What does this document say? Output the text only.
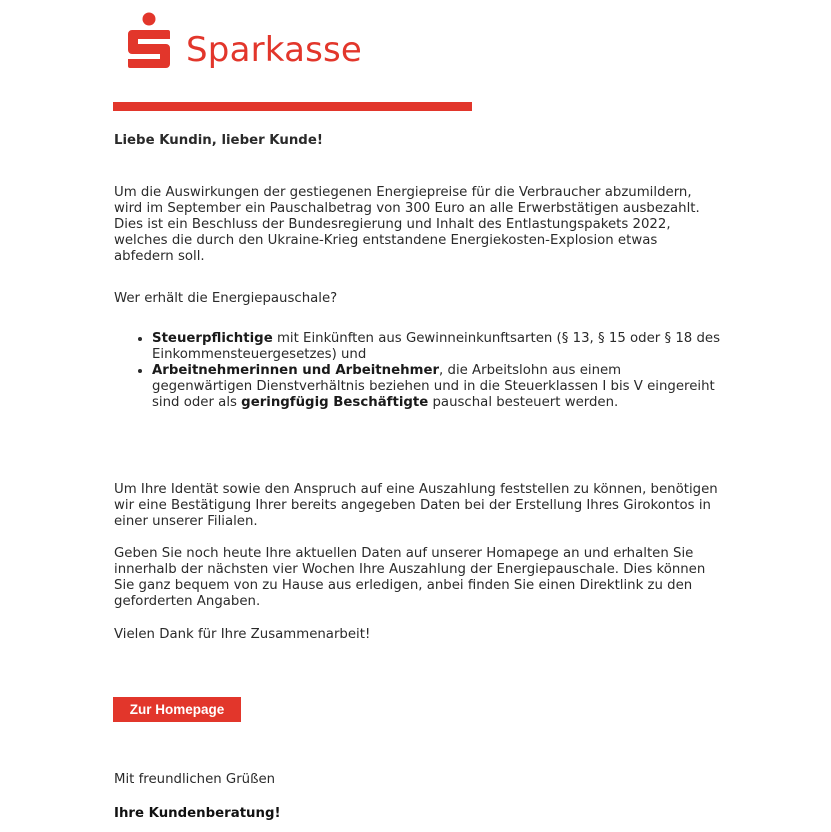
Sparkasse
Liebe Kundin, lieber Kunde!
Um die Auswirkungen der gestiegenen Energiepreise für die Verbraucher abzumildern, wird im September ein Pauschalbetrag von 300 Euro an alle Erwerbstätigen ausbezahlt. Dies ist ein Beschluss der Bundesregierung und Inhalt des Entlastungspakets 2022, welches die durch den Ukraine-Krieg entstandene Energiekosten-Explosion etwas abfedern soll.
Wer erhält die Energiepauschale?
• Steuerpflichtige mit Einkünften aus Gewinneinkunftsarten (§ 13, § 15 oder § 18 des Einkommensteuergesetzes) und
• Arbeitnehmerinnen und Arbeitnehmer, die Arbeitslohn aus einem gegenwärtigen Dienstverhältnis beziehen und in die Steuerklassen I bis V eingereiht sind oder als geringfügig Beschäftigte pauschal besteuert werden.
Um Ihre Identät sowie den Anspruch auf eine Auszahlung feststellen zu können, benötigen wir eine Bestätigung Ihrer bereits angegeben Daten bei der Erstellung Ihres Girokontos in einer unserer Filialen.
Geben Sie noch heute Ihre aktuellen Daten auf unserer Homapege an und erhalten Sie innerhalb der nächsten vier Wochen Ihre Auszahlung der Energiepauschale. Dies können Sie ganz bequem von zu Hause aus erledigen, anbei finden Sie einen Direktlink zu den geforderten Angaben.
Vielen Dank für Ihre Zusammenarbeit!
Zur Homepage
Mit freundlichen Grüßen
Ihre Kundenberatung!
